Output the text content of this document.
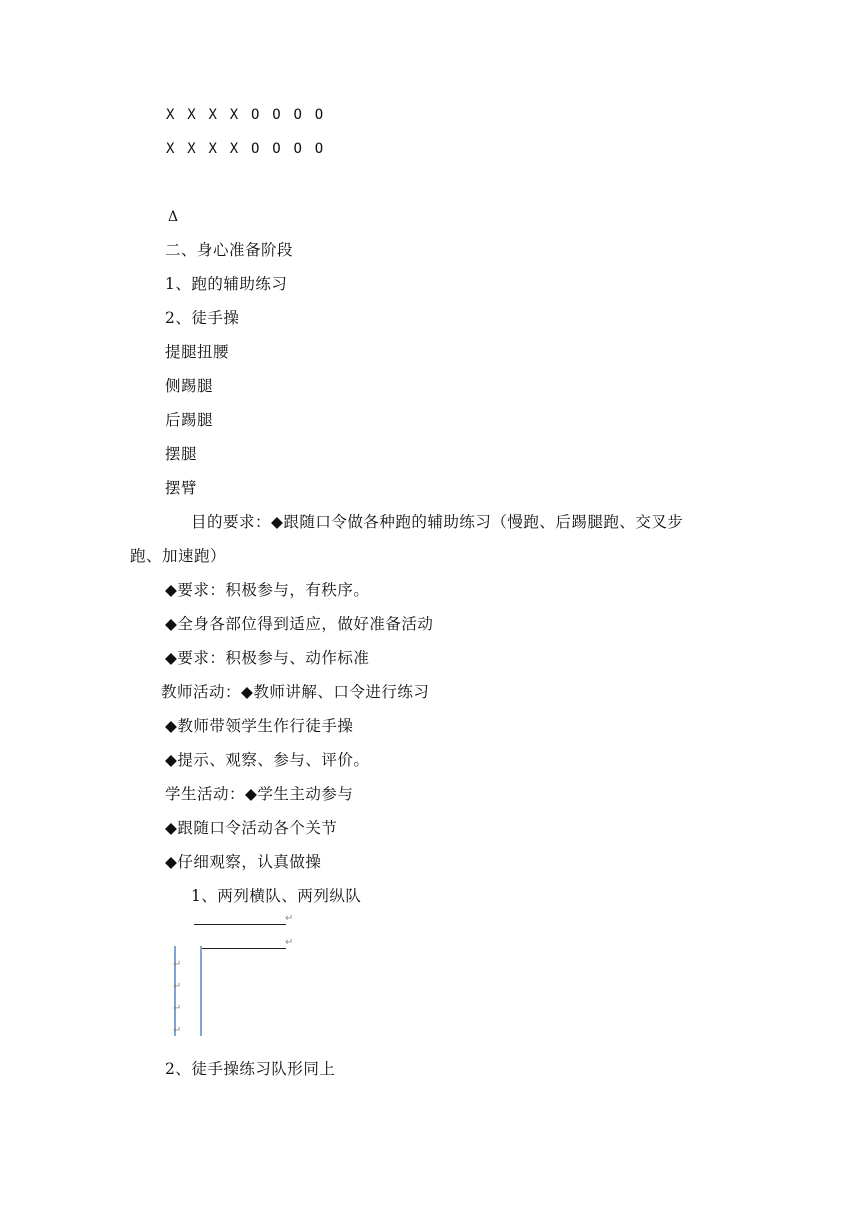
X X X X O O O O
X X X X O O O O
Δ
二、身心准备阶段
1、跑的辅助练习
2、徒手操
提腿扭腰
侧踢腿
后踢腿
摆腿
摆臂
目的要求：◆跟随口令做各种跑的辅助练习（慢跑、后踢腿跑、交叉步
跑、加速跑）
◆要求：积极参与，有秩序。
◆全身各部位得到适应，做好准备活动
◆要求：积极参与、动作标准
教师活动：◆教师讲解、口令进行练习
◆教师带领学生作行徒手操
◆提示、观察、参与、评价。
学生活动：◆学生主动参与
◆跟随口令活动各个关节
◆仔细观察，认真做操
1、两列横队、两列纵队
↵
↵
↵
↵
↵
↵
2、徒手操练习队形同上
